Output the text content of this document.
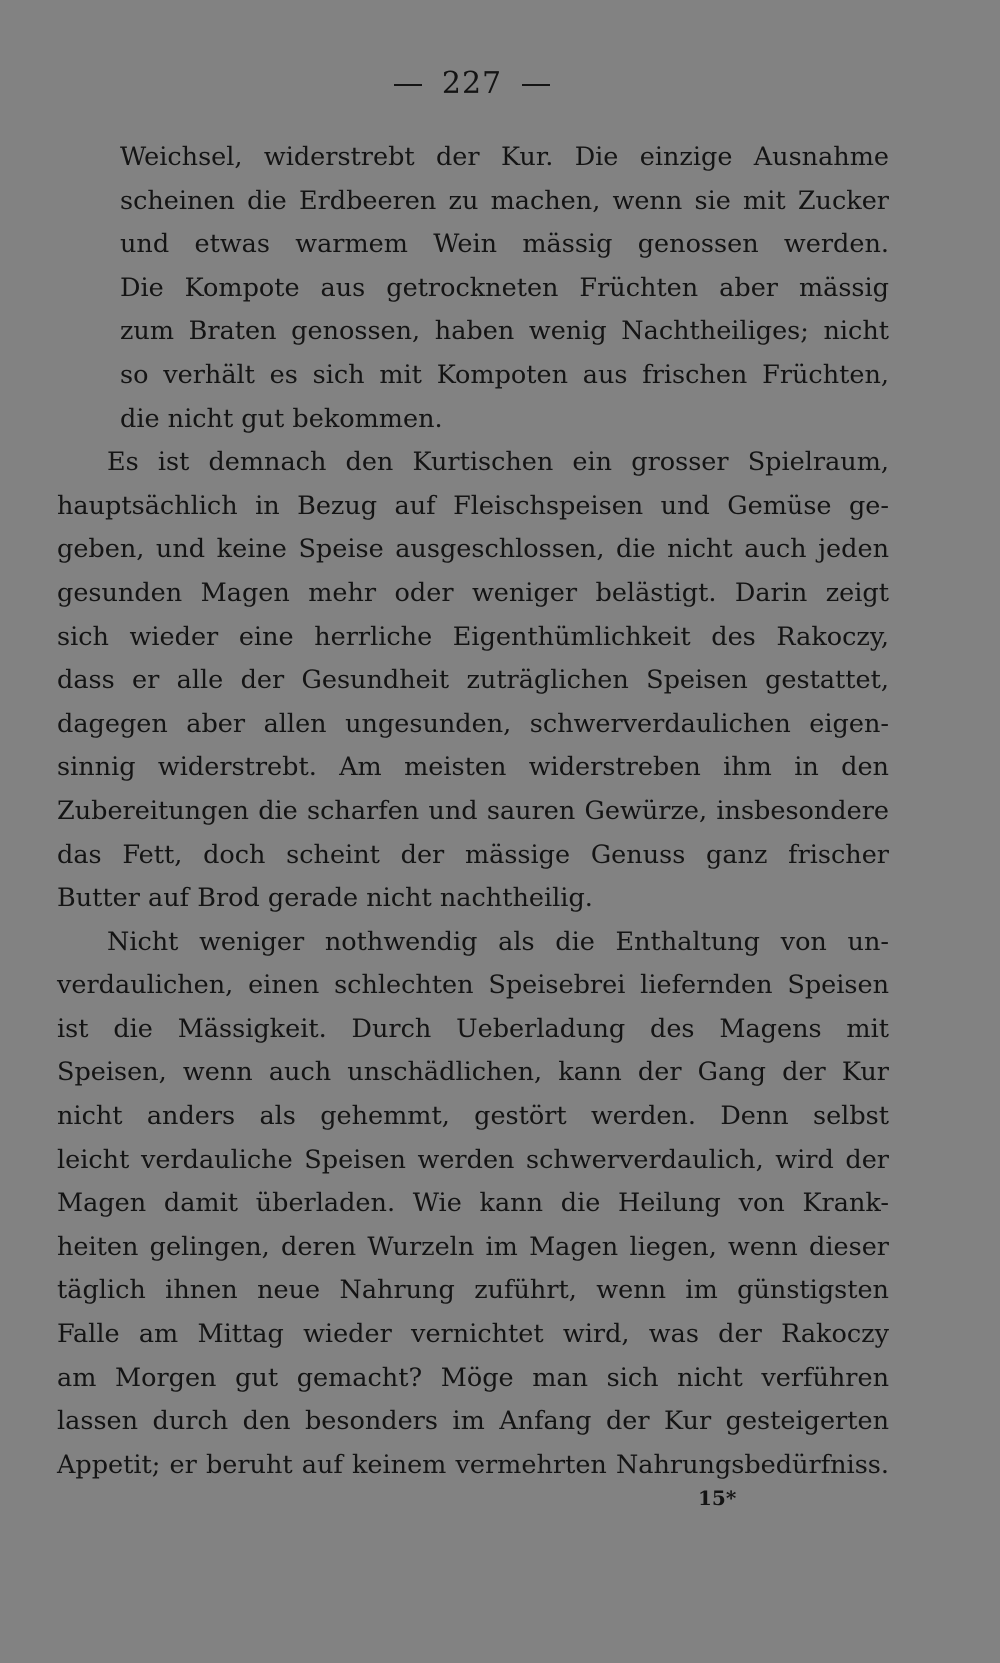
227
Weichsel, widerstrebt der Kur. Die einzige Ausnahme
scheinen die Erdbeeren zu machen, wenn sie mit Zucker
und etwas warmem Wein mässig genossen werden.
Die Kompote aus getrockneten Früchten aber mässig
zum Braten genossen, haben wenig Nachtheiliges; nicht
so verhält es sich mit Kompoten aus frischen Früchten,
die nicht gut bekommen.
Es ist demnach den Kurtischen ein grosser Spielraum,
hauptsächlich in Bezug auf Fleischspeisen und Gemüse ge-
geben, und keine Speise ausgeschlossen, die nicht auch jeden
gesunden Magen mehr oder weniger belästigt. Darin zeigt
sich wieder eine herrliche Eigenthümlichkeit des Rakoczy,
dass er alle der Gesundheit zuträglichen Speisen gestattet,
dagegen aber allen ungesunden, schwerverdaulichen eigen-
sinnig widerstrebt. Am meisten widerstreben ihm in den
Zubereitungen die scharfen und sauren Gewürze, insbesondere
das Fett, doch scheint der mässige Genuss ganz frischer
Butter auf Brod gerade nicht nachtheilig.
Nicht weniger nothwendig als die Enthaltung von un-
verdaulichen, einen schlechten Speisebrei liefernden Speisen
ist die Mässigkeit. Durch Ueberladung des Magens mit
Speisen, wenn auch unschädlichen, kann der Gang der Kur
nicht anders als gehemmt, gestört werden. Denn selbst
leicht verdauliche Speisen werden schwerverdaulich, wird der
Magen damit überladen. Wie kann die Heilung von Krank-
heiten gelingen, deren Wurzeln im Magen liegen, wenn dieser
täglich ihnen neue Nahrung zuführt, wenn im günstigsten
Falle am Mittag wieder vernichtet wird, was der Rakoczy
am Morgen gut gemacht? Möge man sich nicht verführen
lassen durch den besonders im Anfang der Kur gesteigerten
Appetit; er beruht auf keinem vermehrten Nahrungsbedürfniss.
15*
